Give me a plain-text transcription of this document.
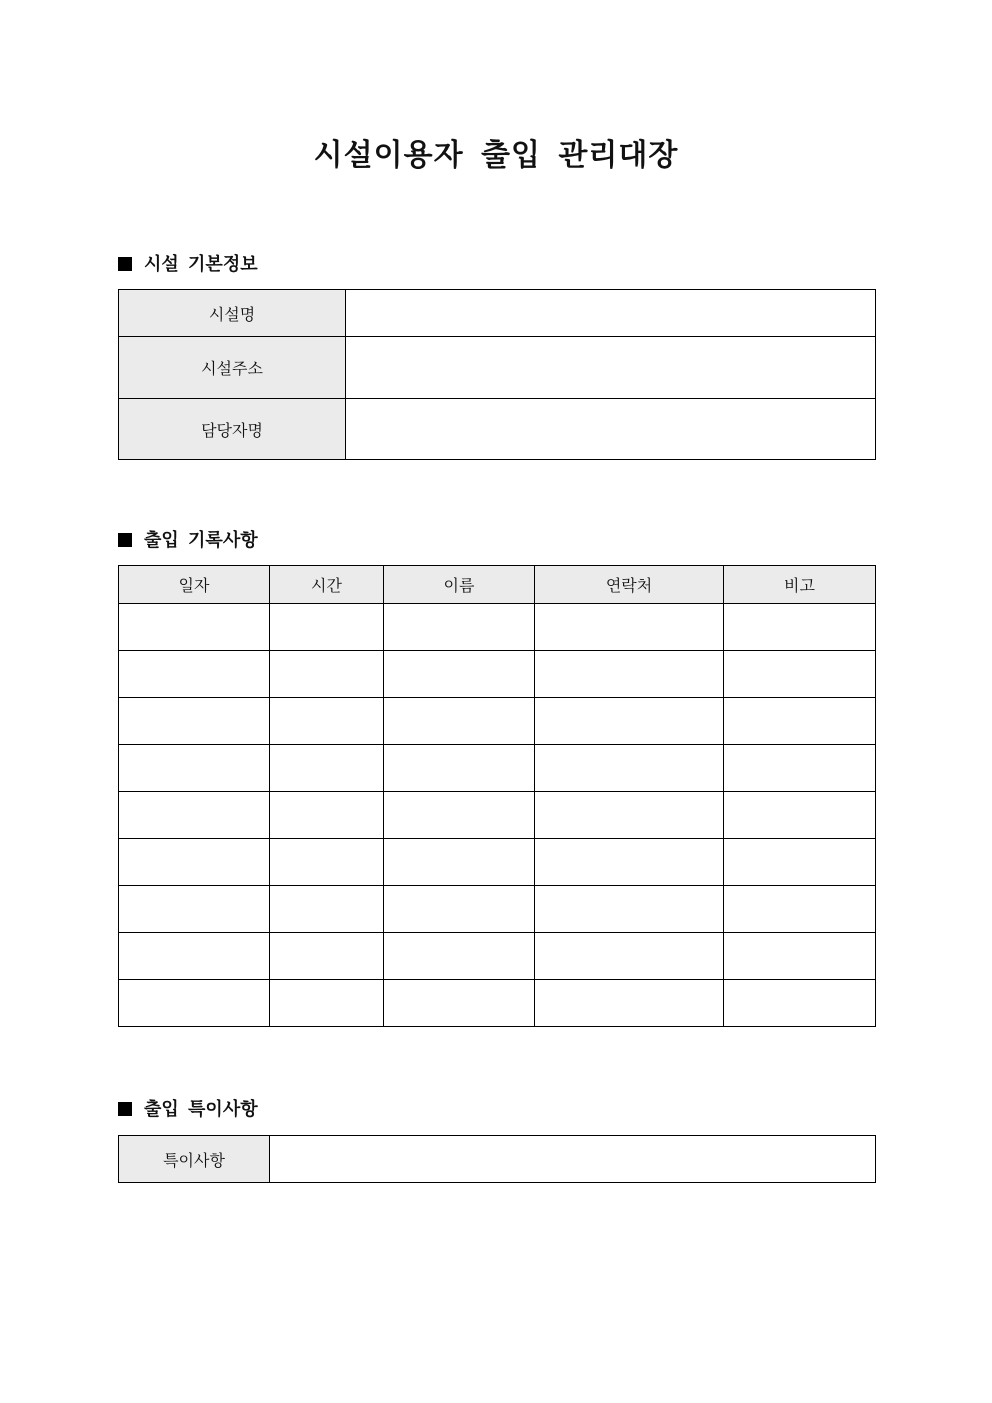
시설이용자 출입 관리대장
시설 기본정보
시설명	
시설주소	
담당자명	
출입 기록사항
일자	시간	이름	연락처	비고

출입 특이사항
특이사항	
